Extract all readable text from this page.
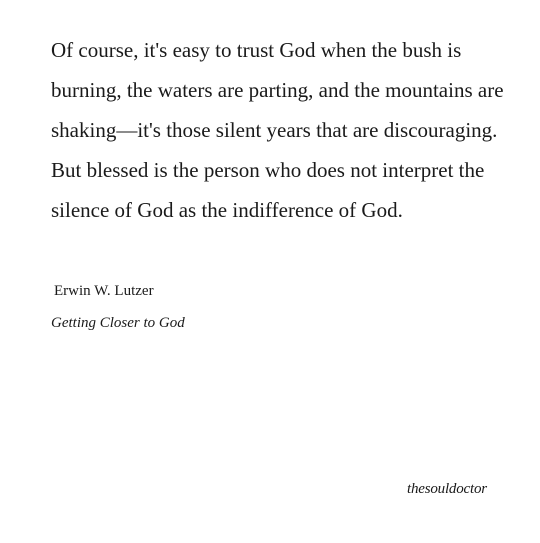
Of course, it's easy to trust God when the bush is burning, the waters are parting, and the mountains are shaking—it's those silent years that are discouraging. But blessed is the person who does not interpret the silence of God as the indifference of God.

Erwin W. Lutzer

Getting Closer to God

thesouldoctor
